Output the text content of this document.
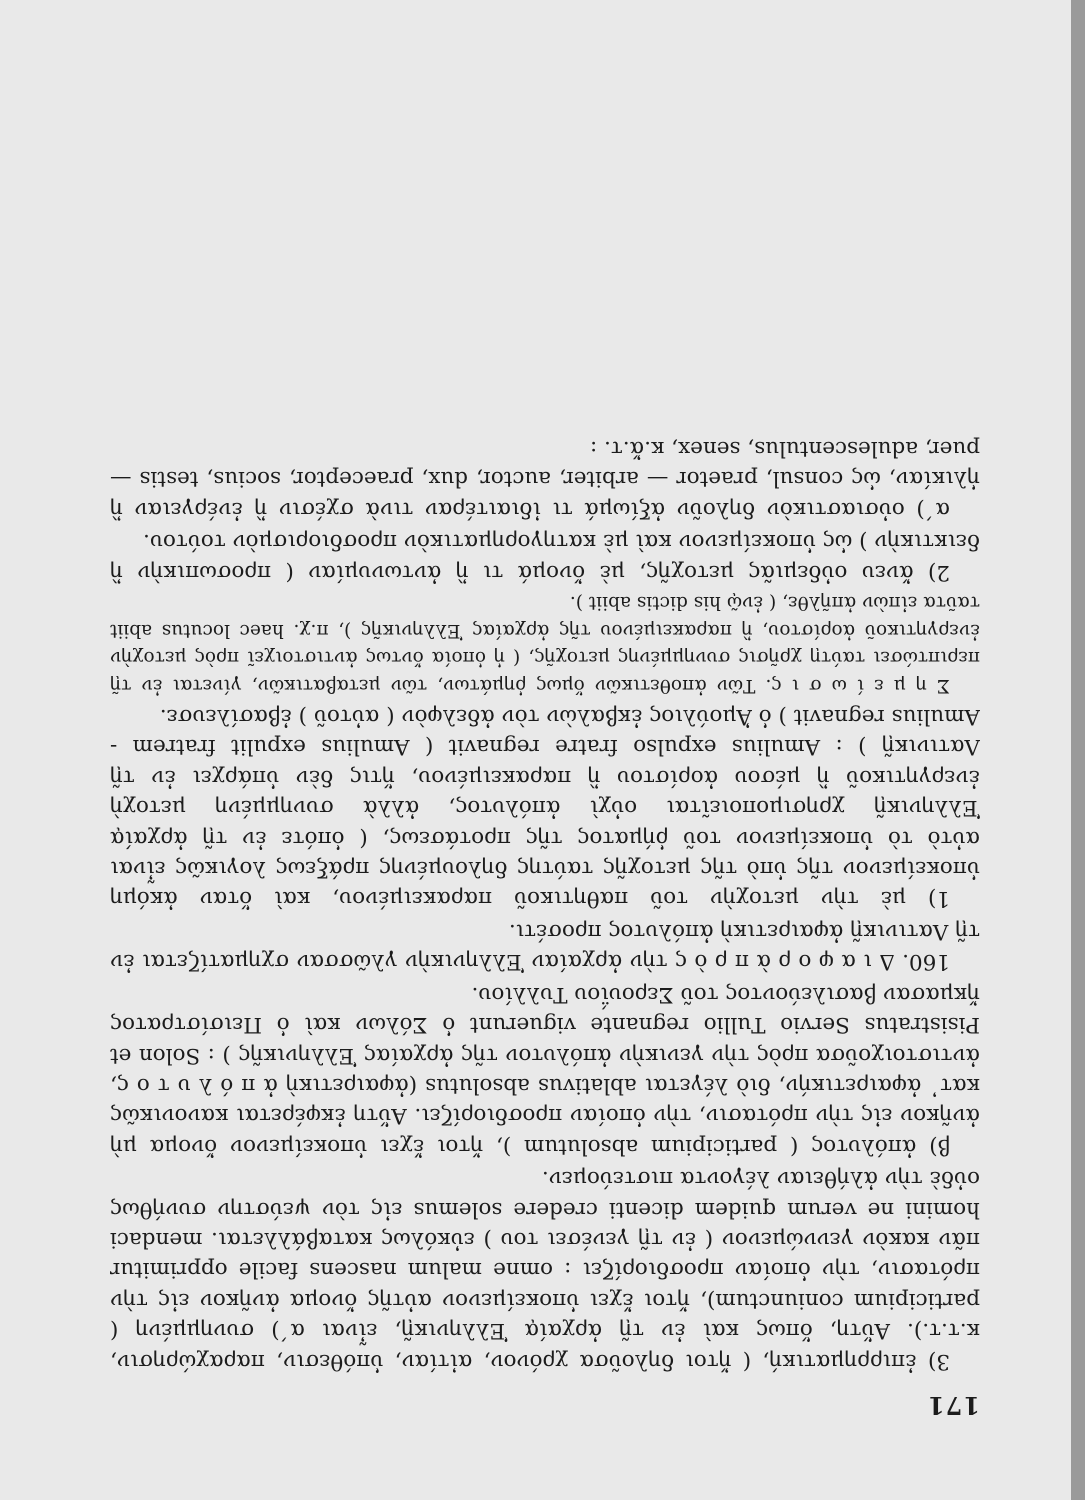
171

3) ἐπιρρηματική, ( ἤτοι δηλοῦσα χρόνον, αἰτίαν, ὑπόθεσιν, παραχώρησιν, κ.τ.τ.). Αὕτη, ὅπως καὶ ἐν τῇ ἀρχαίᾳ Ἑλληνικῇ, εἶναι α΄) συνημμένη ( participium coniunctum), ἤτοι ἔχει ὑποκείμενον αὐτῆς ὄνομα ἀνῆκον εἰς τὴν πρότασιν, τὴν ὁποίαν προσδιορίζει : omne malum nascens facile opprimitur πᾶν κακὸν γεννώμενον ( ἐν τῇ γενέσει του ) εὐκόλως καταβάλλεται. mendaci homini ne verum quidem dicenti credere solemus εἰς τὸν ψεύστην συνήθως οὐδὲ τὴν ἀλήθειαν λέγοντα πιστεύομεν.

β) ἀπόλυτος ( participium absolutum ), ἤτοι ἔχει ὑποκείμενον ὄνομα μὴ ἀνῆκον εἰς τὴν πρότασιν, τὴν ὁποίαν προσδιορίζει. Αὕτη ἐκφέρεται κανονικῶς κατ᾽ ἀφαιρετικήν, διὸ λέγεται ablativus absolutus (ἀφαιρετικὴ ἀ π ό λ υ τ ο ς, ἀντιστοιχοῦσα πρὸς τὴν γενικὴν ἀπόλυτον τῆς ἀρχαίας Ἑλληνικῆς ) : Solon et Pisistratus Servio Tullio regnante viguerunt ὁ Σόλων καὶ ὁ Πεισίστρατος ἤκμασαν βασιλεύοντος τοῦ Σερουΐου Τυλλίου.

160. Δ ι α φ ο ρ ὰ π ρ ὸ ς τὴν ἀρχαίαν Ἑλληνικὴν γλῶσσαν σχηματίζεται ἐν τῇ Λατινικῇ ἀφαιρετικὴ ἀπόλυτος προσέτι.

1) μὲ τὴν μετοχὴν τοῦ παθητικοῦ παρακειμένου, καὶ ὅταν ἀκόμη ὑποκείμενον τῆς ὑπὸ τῆς μετοχῆς ταύτης δηλουμένης πράξεως λογικῶς εἶναι αὐτὸ τὸ ὑποκείμενον τοῦ ῥήματος τῆς προτάσεως, ( ὁπότε ἐν τῇ ἀρχαίᾳ Ἑλληνικῇ χρησιμοποιεῖται οὐχὶ ἀπόλυτος, ἀλλὰ συνημμένη μετοχὴ ἐνεργητικοῦ ἢ μέσου ἀορίστου ἢ παρακειμένου, ἥτις δὲν ὑπάρχει ἐν τῇ Λατινικῇ ) : Amulius expulso fratre regnavit ( Amulius expulit fratrem - Amulius regnavit ) ὁ Ἀμούλιος ἐκβαλὼν τὸν ἀδελφὸν ( αὐτοῦ ) ἐβασίλευσε.

Σ η μ ε ί ω σ ι ς. Τῶν ἀποθετικῶν ὅμως ῥημάτων, τῶν μεταβατικῶν, γίνεται ἐν τῇ περιπτώσει ταύτῃ χρῆσις συνημμένης μετοχῆς, ( ἡ ὁποία ὄντως ἀντιστοιχεῖ πρὸς μετοχὴν ἐνεργητικοῦ ἀορίστου, ἢ παρακειμένου τῆς ἀρχαίας Ἑλληνικῆς ), π.χ. haec locutus abiit ταῦτα εἰπὼν ἀπῆλθε, ( ἐνῷ his dictis abiit ).

2) ἄνευ οὐδεμιᾶς μετοχῆς, μὲ ὄνομά τι ἢ ἀντωνυμίαν ( προσωπικὴν ἢ δεικτικὴν ) ὡς ὑποκείμενον καὶ μὲ κατηγορηματικὸν προσδιορισμὸν τούτου.

α΄) οὐσιαστικὸν δηλοῦν ἀξίωμά τι ἰδιαιτέραν τινὰ σχέσιν ἢ ἐνέργειαν ἢ ἡλικίαν, ὡς consul, praetor — arbiter, auctor, dux, praeceptor, socius, testis — puer, adulescentulus, senex, κ.ἄ.τ. :
